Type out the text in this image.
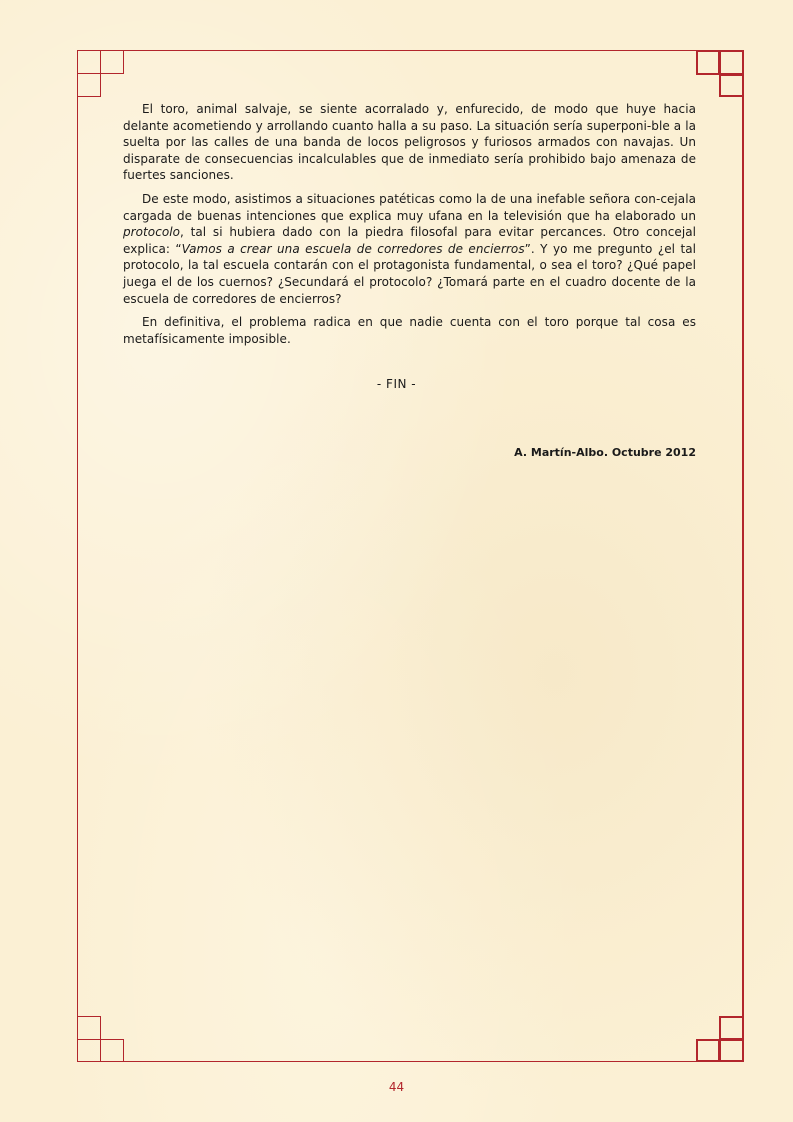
El toro, animal salvaje, se siente acorralado y, enfurecido, de modo que huye hacia delante acometiendo y arrollando cuanto halla a su paso. La situación sería superponi-ble a la suelta por las calles de una banda de locos peligrosos y furiosos armados con navajas. Un disparate de consecuencias incalculables que de inmediato sería prohibido bajo amenaza de fuertes sanciones.

De este modo, asistimos a situaciones patéticas como la de una inefable señora con-cejala cargada de buenas intenciones que explica muy ufana en la televisión que ha elaborado un protocolo, tal si hubiera dado con la piedra filosofal para evitar percances. Otro concejal explica: “Vamos a crear una escuela de corredores de encierros”. Y yo me pregunto ¿el tal protocolo, la tal escuela contarán con el protagonista fundamental, o sea el toro? ¿Qué papel juega el de los cuernos? ¿Secundará el protocolo? ¿Tomará parte en el cuadro docente de la escuela de corredores de encierros?

En definitiva, el problema radica en que nadie cuenta con el toro porque tal cosa es metafísicamente imposible.

- FIN -
A. Martín-Albo. Octubre 2012
44
